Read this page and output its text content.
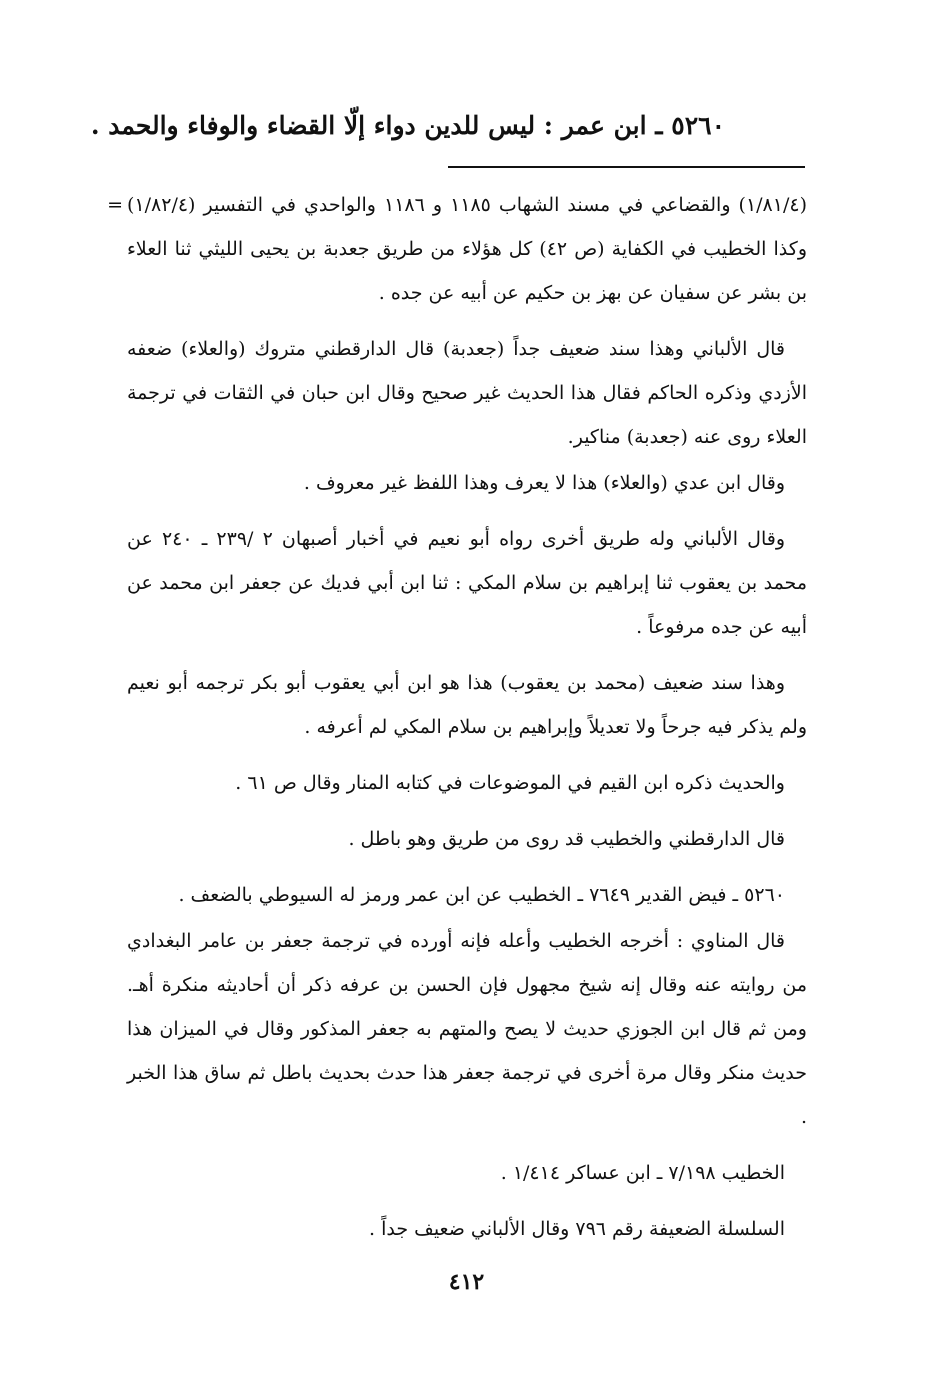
٥٢٦٠ ـ ابن عمر : ليس للدين دواء إلّا القضاء والوفاء والحمد .
= (١/٨١/٤) والقضاعي في مسند الشهاب ١١٨٥ و ١١٨٦ والواحدي في التفسير (١/٨٢/٤) وكذا الخطيب في الكفاية (ص ٤٢) كل هؤلاء من طريق جعدبة بن يحيى الليثي ثنا العلاء بن بشر عن سفيان عن بهز بن حكيم عن أبيه عن جده .

قال الألباني وهذا سند ضعيف جداً (جعدبة) قال الدارقطني متروك (والعلاء) ضعفه الأزدي وذكره الحاكم فقال هذا الحديث غير صحيح وقال ابن حبان في الثقات في ترجمة العلاء روى عنه (جعدبة) مناكير.

وقال ابن عدي (والعلاء) هذا لا يعرف وهذا اللفظ غير معروف .

وقال الألباني وله طريق أخرى رواه أبو نعيم في أخبار أصبهان ٢ /٢٣٩ ـ ٢٤٠ عن محمد بن يعقوب ثنا إبراهيم بن سلام المكي : ثنا ابن أبي فديك عن جعفر ابن محمد عن أبيه عن جده مرفوعاً .

وهذا سند ضعيف (محمد بن يعقوب) هذا هو ابن أبي يعقوب أبو بكر ترجمه أبو نعيم ولم يذكر فيه جرحاً ولا تعديلاً وإبراهيم بن سلام المكي لم أعرفه .

والحديث ذكره ابن القيم في الموضوعات في كتابه المنار وقال ص ٦١ .

قال الدارقطني والخطيب قد روى من طريق وهو باطل .

٥٢٦٠ ـ فيض القدير ٧٦٤٩ ـ الخطيب عن ابن عمر ورمز له السيوطي بالضعف .

قال المناوي : أخرجه الخطيب وأعله فإنه أورده في ترجمة جعفر بن عامر البغدادي من روايته عنه وقال إنه شيخ مجهول فإن الحسن بن عرفه ذكر أن أحاديثه منكرة أهـ. ومن ثم قال ابن الجوزي حديث لا يصح والمتهم به جعفر المذكور وقال في الميزان هذا حديث منكر وقال مرة أخرى في ترجمة جعفر هذا حدث بحديث باطل ثم ساق هذا الخبر .

الخطيب ٧/١٩٨ ـ ابن عساكر ١/٤١٤ .

السلسلة الضعيفة رقم ٧٩٦ وقال الألباني ضعيف جداً .

٤١٢
